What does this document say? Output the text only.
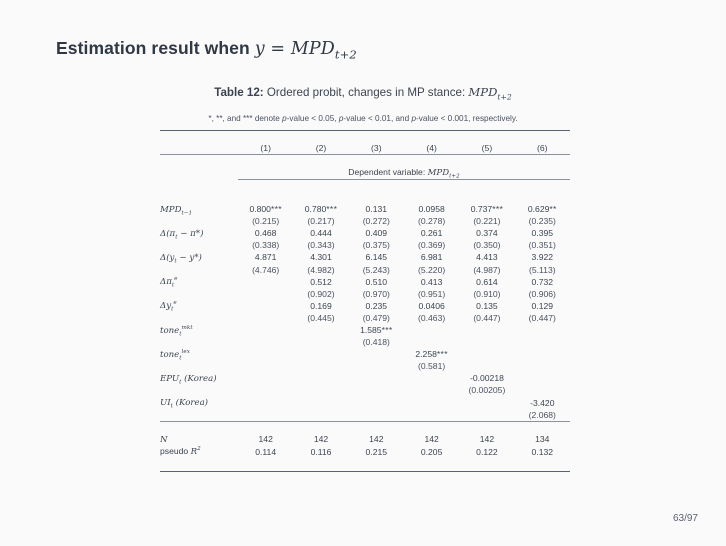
Estimation result when $y = MPD_{t+2}$
Table 12: Ordered probit, changes in MP stance: $MPD_{t+2}$
*, **, and *** denote p-value < 0.05, p-value < 0.01, and p-value < 0.001, respectively.

	(1)	(2)	(3)	(4)	(5)	(6)

	Dependent variable: $MPD_{t+2}$

$MPD_{t-1}$	0.800***	0.780***	0.131	0.0958	0.737***	0.629**
	(0.215)	(0.217)	(0.272)	(0.278)	(0.221)	(0.235)
$\Delta(\pi_t - \pi*)$	0.468	0.444	0.409	0.261	0.374	0.395
	(0.338)	(0.343)	(0.375)	(0.369)	(0.350)	(0.351)
$\Delta(y_t - y*)$	4.871	4.301	6.145	6.981	4.413	3.922
	(4.746)	(4.982)	(5.243)	(5.220)	(4.987)	(5.113)
$\Delta\pi_t^e$		0.512	0.510	0.413	0.614	0.732
		(0.902)	(0.970)	(0.951)	(0.910)	(0.906)
$\Delta y_t^e$		0.169	0.235	0.0406	0.135	0.129
		(0.445)	(0.479)	(0.463)	(0.447)	(0.447)
tone$_t^{mkt}$			1.585***			
			(0.418)			
tone$_t^{lex}$				2.258***		
				(0.581)		
$EPU_t$ (Korea)					-0.00218	
					(0.00205)	
$UI_t$ (Korea)						-3.420
						(2.068)

N	142	142	142	142	142	134
pseudo $R^2$	0.114	0.116	0.215	0.205	0.122	0.132

63/97
